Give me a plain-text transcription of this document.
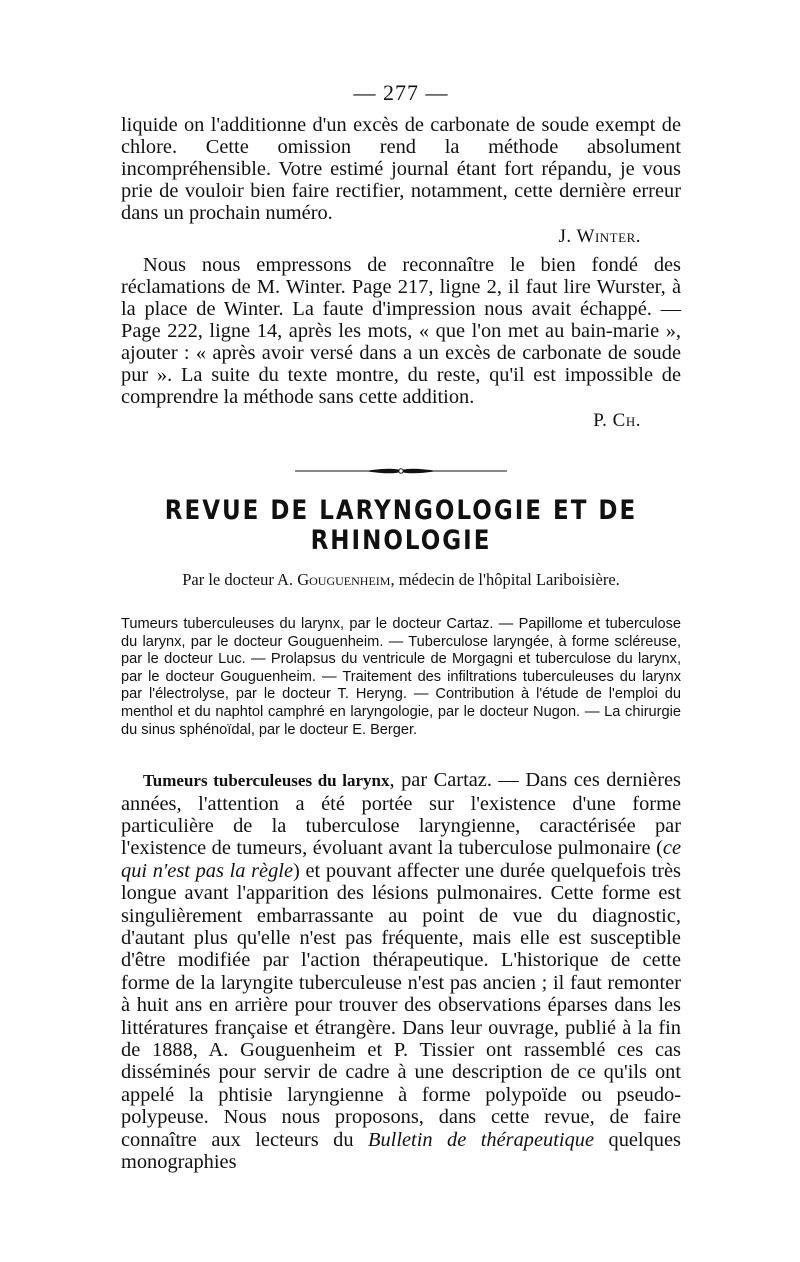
— 277 —

liquide on l'additionne d'un excès de carbonate de soude exempt de chlore. Cette omission rend la méthode absolument incompréhensible. Votre estimé journal étant fort répandu, je vous prie de vouloir bien faire rectifier, notamment, cette dernière erreur dans un prochain numéro.

J. Winter.

Nous nous empressons de reconnaître le bien fondé des réclamations de M. Winter. Page 217, ligne 2, il faut lire Wurster, à la place de Winter. La faute d'impression nous avait échappé. — Page 222, ligne 14, après les mots, « que l'on met au bain-marie », ajouter : « après avoir versé dans a un excès de carbonate de soude pur ». La suite du texte montre, du reste, qu'il est impossible de comprendre la méthode sans cette addition.

P. Ch.
REVUE DE LARYNGOLOGIE ET DE RHINOLOGIE

Par le docteur A. Gouguenheim, médecin de l'hôpital Lariboisière.

Tumeurs tuberculeuses du larynx, par le docteur Cartaz. — Papillome et tuberculose du larynx, par le docteur Gouguenheim. — Tuberculose laryngée, à forme scléreuse, par le docteur Luc. — Prolapsus du ventricule de Morgagni et tuberculose du larynx, par le docteur Gouguenheim. — Traitement des infiltrations tuberculeuses du larynx par l'électrolyse, par le docteur T. Heryng. — Contribution à l'étude de l'emploi du menthol et du naphtol camphré en laryngologie, par le docteur Nugon. — La chirurgie du sinus sphénoïdal, par le docteur E. Berger.

Tumeurs tuberculeuses du larynx, par Cartaz. — Dans ces dernières années, l'attention a été portée sur l'existence d'une forme particulière de la tuberculose laryngienne, caractérisée par l'existence de tumeurs, évoluant avant la tuberculose pulmonaire (ce qui n'est pas la règle) et pouvant affecter une durée quelquefois très longue avant l'apparition des lésions pulmonaires. Cette forme est singulièrement embarrassante au point de vue du diagnostic, d'autant plus qu'elle n'est pas fréquente, mais elle est susceptible d'être modifiée par l'action thérapeutique. L'historique de cette forme de la laryngite tuberculeuse n'est pas ancien ; il faut remonter à huit ans en arrière pour trouver des observations éparses dans les littératures française et étrangère. Dans leur ouvrage, publié à la fin de 1888, A. Gouguenheim et P. Tissier ont rassemblé ces cas disséminés pour servir de cadre à une description de ce qu'ils ont appelé la phtisie laryngienne à forme polypoïde ou pseudo-polypeuse. Nous nous proposons, dans cette revue, de faire connaître aux lecteurs du Bulletin de thérapeutique quelques monographies
